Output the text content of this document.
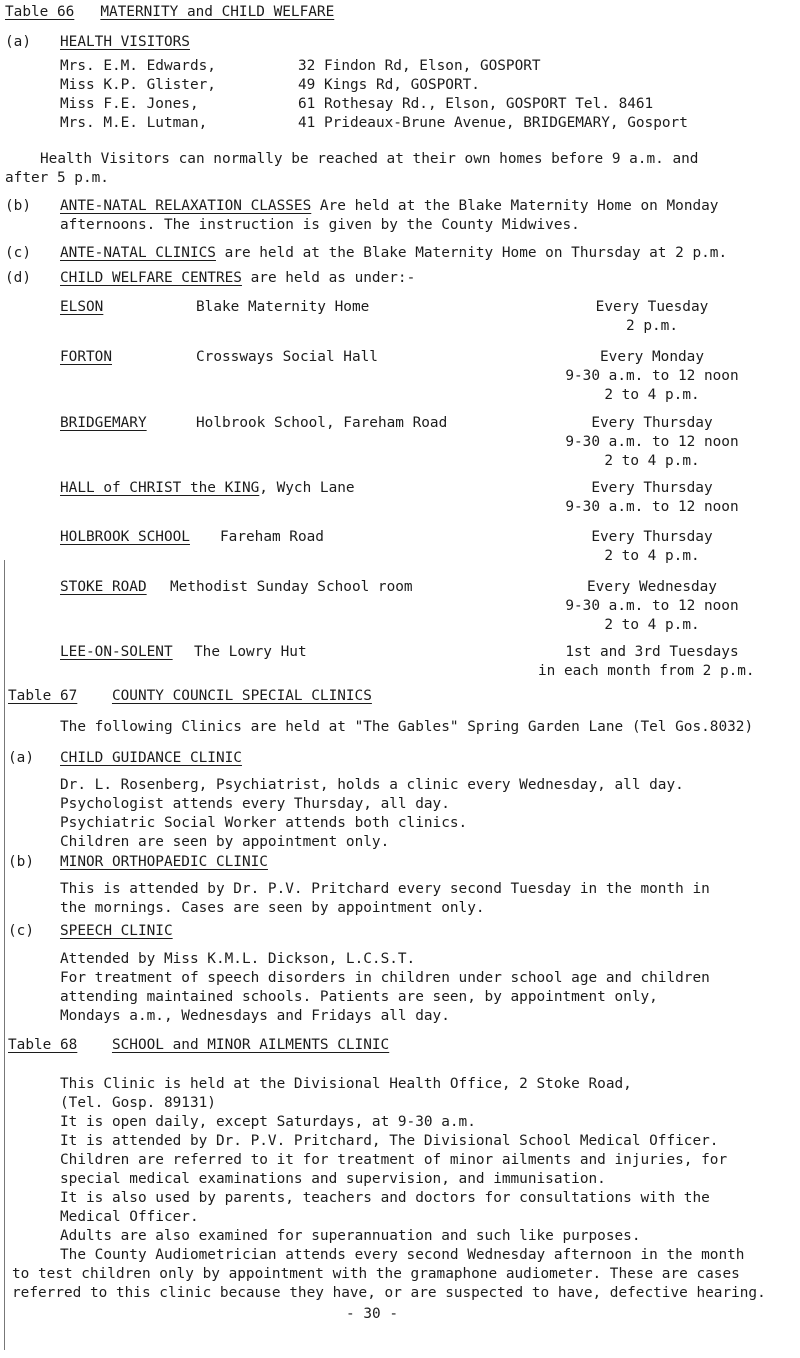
Table 66 MATERNITY and CHILD WELFARE
(a) HEALTH VISITORS
Mrs. E.M. Edwards,	32 Findon Rd, Elson, GOSPORT
Miss K.P. Glister,	49 Kings Rd, GOSPORT.
Miss F.E. Jones,	61 Rothesay Rd., Elson, GOSPORT Tel. 8461
Mrs. M.E. Lutman,	41 Prideaux-Brune Avenue, BRIDGEMARY, Gosport
Health Visitors can normally be reached at their own homes before 9 a.m. and
after 5 p.m.
(b) ANTE-NATAL RELAXATION CLASSES Are held at the Blake Maternity Home on Monday
afternoons. The instruction is given by the County Midwives.
(c) ANTE-NATAL CLINICS are held at the Blake Maternity Home on Thursday at 2 p.m.
(d) CHILD WELFARE CENTRES are held as under:-
ELSON	Blake Maternity Home	Every Tuesday
2 p.m.
FORTON	Crossways Social Hall	Every Monday
9-30 a.m. to 12 noon
2 to 4 p.m.
BRIDGEMARY	Holbrook School, Fareham Road	Every Thursday
9-30 a.m. to 12 noon
2 to 4 p.m.
HALL of CHRIST the KING, Wych Lane	Every Thursday
9-30 a.m. to 12 noon
HOLBROOK SCHOOL Fareham Road	Every Thursday
2 to 4 p.m.
STOKE ROAD Methodist Sunday School room	Every Wednesday
9-30 a.m. to 12 noon
2 to 4 p.m.
LEE-ON-SOLENT The Lowry Hut	1st and 3rd Tuesdays
in each month from 2 p.m.
Table 67 COUNTY COUNCIL SPECIAL CLINICS
The following Clinics are held at "The Gables" Spring Garden Lane (Tel Gos.8032)
(a) CHILD GUIDANCE CLINIC
Dr. L. Rosenberg, Psychiatrist, holds a clinic every Wednesday, all day.
Psychologist attends every Thursday, all day.
Psychiatric Social Worker attends both clinics.
Children are seen by appointment only.
(b) MINOR ORTHOPAEDIC CLINIC
This is attended by Dr. P.V. Pritchard every second Tuesday in the month in
the mornings. Cases are seen by appointment only.
(c) SPEECH CLINIC
Attended by Miss K.M.L. Dickson, L.C.S.T.
For treatment of speech disorders in children under school age and children
attending maintained schools. Patients are seen, by appointment only,
Mondays a.m., Wednesdays and Fridays all day.
Table 68 SCHOOL and MINOR AILMENTS CLINIC
This Clinic is held at the Divisional Health Office, 2 Stoke Road,
(Tel. Gosp. 89131)
It is open daily, except Saturdays, at 9-30 a.m.
It is attended by Dr. P.V. Pritchard, The Divisional School Medical Officer.
Children are referred to it for treatment of minor ailments and injuries, for
special medical examinations and supervision, and immunisation.
It is also used by parents, teachers and doctors for consultations with the
Medical Officer.
Adults are also examined for superannuation and such like purposes.
The County Audiometrician attends every second Wednesday afternoon in the month
to test children only by appointment with the gramaphone audiometer. These are cases
referred to this clinic because they have, or are suspected to have, defective hearing.
- 30 -
